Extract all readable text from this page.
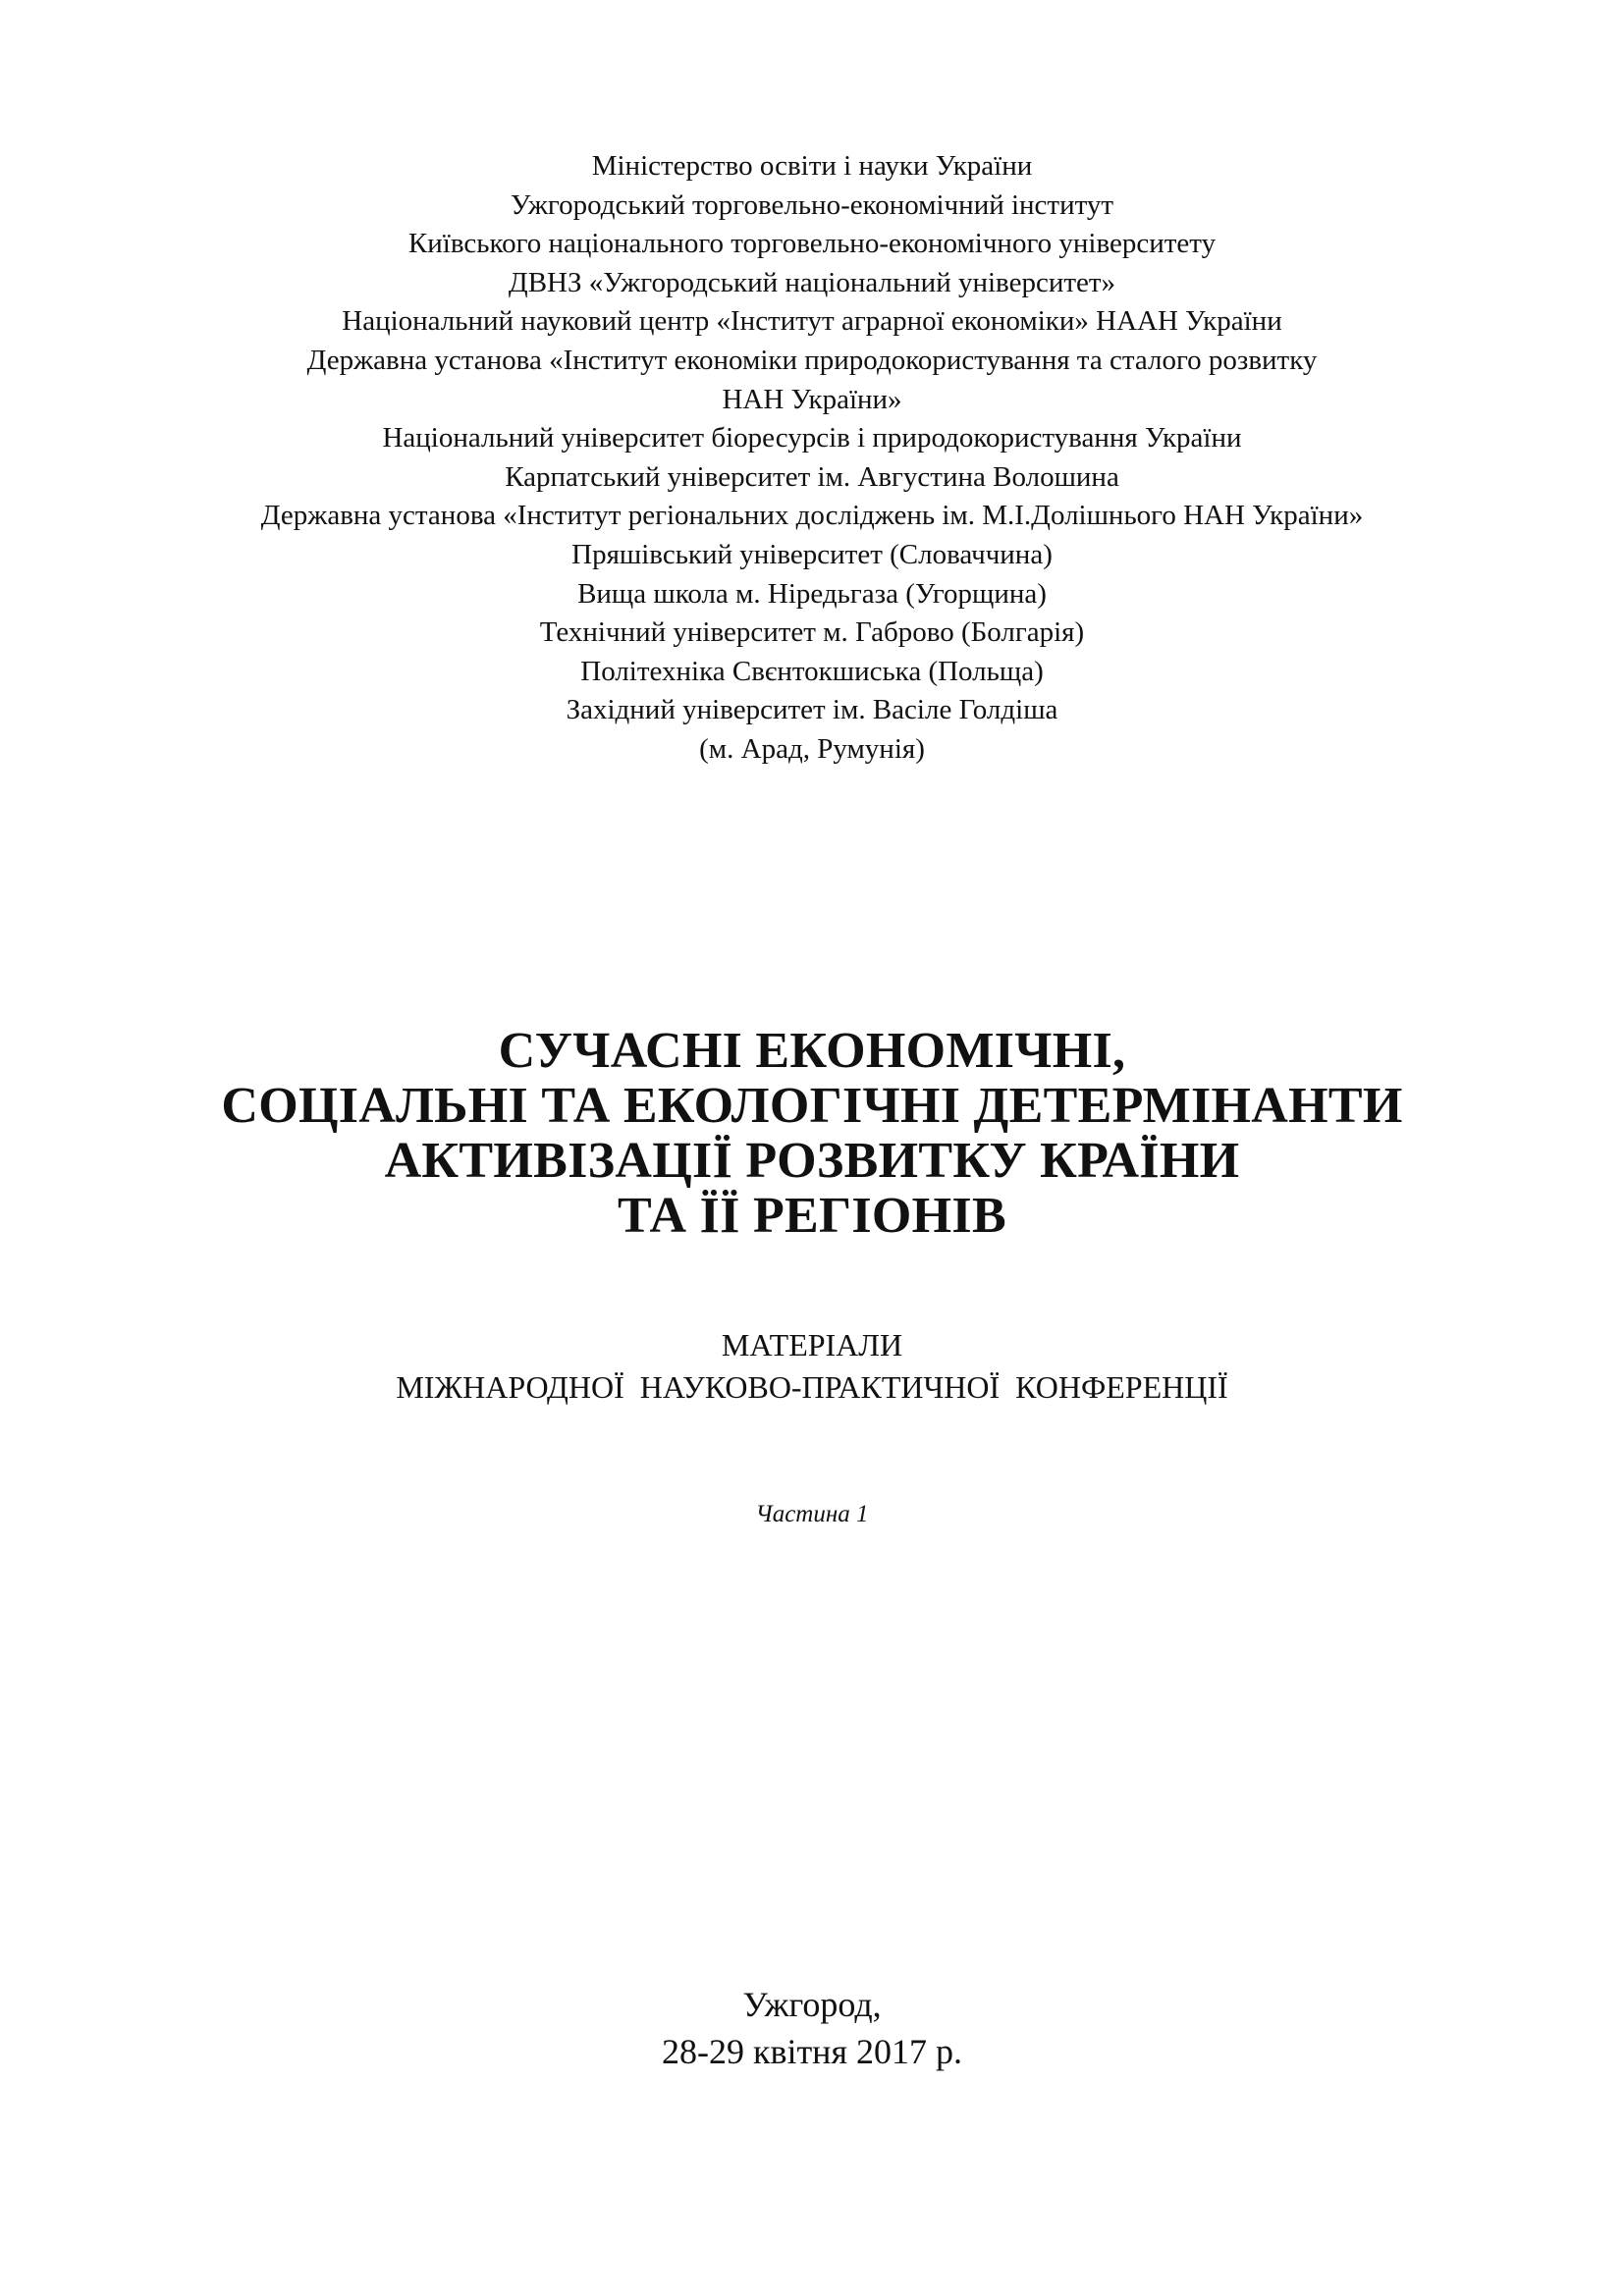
Міністерство освіти і науки України
Ужгородський торговельно-економічний інститут
Київського національного торговельно-економічного університету
ДВНЗ «Ужгородський національний університет»
Національний науковий центр «Інститут аграрної економіки» НААН України
Державна установа «Інститут економіки природокористування та сталого розвитку
НАН України»
Національний університет біоресурсів і природокористування України
Карпатський університет ім. Августина Волошина
Державна установа «Інститут регіональних досліджень ім. М.І.Долішнього НАН України»
Пряшівський університет (Словаччина)
Вища школа м. Ніредьгаза (Угорщина)
Технічний університет м. Габрово (Болгарія)
Політехніка Свєнтокшиська (Польща)
Західний університет ім. Васіле Голдіша
(м. Арад, Румунія)
СУЧАСНІ ЕКОНОМІЧНІ,
СОЦІАЛЬНІ ТА ЕКОЛОГІЧНІ ДЕТЕРМІНАНТИ
АКТИВІЗАЦІЇ РОЗВИТКУ КРАЇНИ
ТА ЇЇ РЕГІОНІВ
МАТЕРІАЛИ
МІЖНАРОДНОЇ  НАУКОВО-ПРАКТИЧНОЇ  КОНФЕРЕНЦІЇ
Частина 1
Ужгород,
28-29 квітня 2017 р.
